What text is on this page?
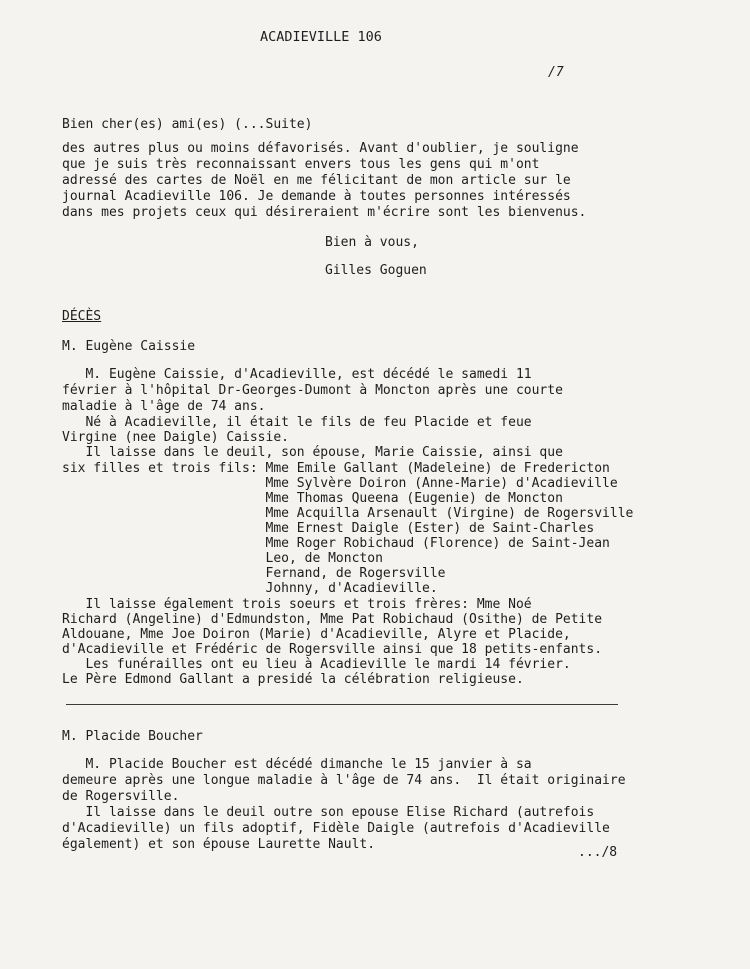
ACADIEVILLE 106

/7

Bien cher(es) ami(es) (...Suite)

des autres plus ou moins défavorisés. Avant d'oublier, je souligne

que je suis très reconnaissant envers tous les gens qui m'ont

adressé des cartes de Noël en me félicitant de mon article sur le

journal Acadieville 106. Je demande à toutes personnes intéressés

dans mes projets ceux qui désireraient m'écrire sont les bienvenus.

Bien à vous,

Gilles Goguen

DÉCÈS

M. Eugène Caissie

M. Eugène Caissie, d'Acadieville, est décédé le samedi 11

février à l'hôpital Dr-Georges-Dumont à Moncton après une courte

maladie à l'âge de 74 ans.

Né à Acadieville, il était le fils de feu Placide et feue

Virgine (nee Daigle) Caissie.

Il laisse dans le deuil, son épouse, Marie Caissie, ainsi que

six filles et trois fils: Mme Emile Gallant (Madeleine) de Fredericton

Mme Sylvère Doiron (Anne-Marie) d'Acadieville

Mme Thomas Queena (Eugenie) de Moncton

Mme Acquilla Arsenault (Virgine) de Rogersville

Mme Ernest Daigle (Ester) de Saint-Charles

Mme Roger Robichaud (Florence) de Saint-Jean

Leo, de Moncton

Fernand, de Rogersville

Johnny, d'Acadieville.

Il laisse également trois soeurs et trois frères: Mme Noé

Richard (Angeline) d'Edmundston, Mme Pat Robichaud (Osithe) de Petite

Aldouane, Mme Joe Doiron (Marie) d'Acadieville, Alyre et Placide,

d'Acadieville et Frédéric de Rogersville ainsi que 18 petits-enfants.

Les funérailles ont eu lieu à Acadieville le mardi 14 février.

Le Père Edmond Gallant a presidé la célébration religieuse.

M. Placide Boucher

M. Placide Boucher est décédé dimanche le 15 janvier à sa

demeure après une longue maladie à l'âge de 74 ans.  Il était originaire

de Rogersville.

Il laisse dans le deuil outre son epouse Elise Richard (autrefois

d'Acadieville) un fils adoptif, Fidèle Daigle (autrefois d'Acadieville

également) et son épouse Laurette Nault.

.../8
